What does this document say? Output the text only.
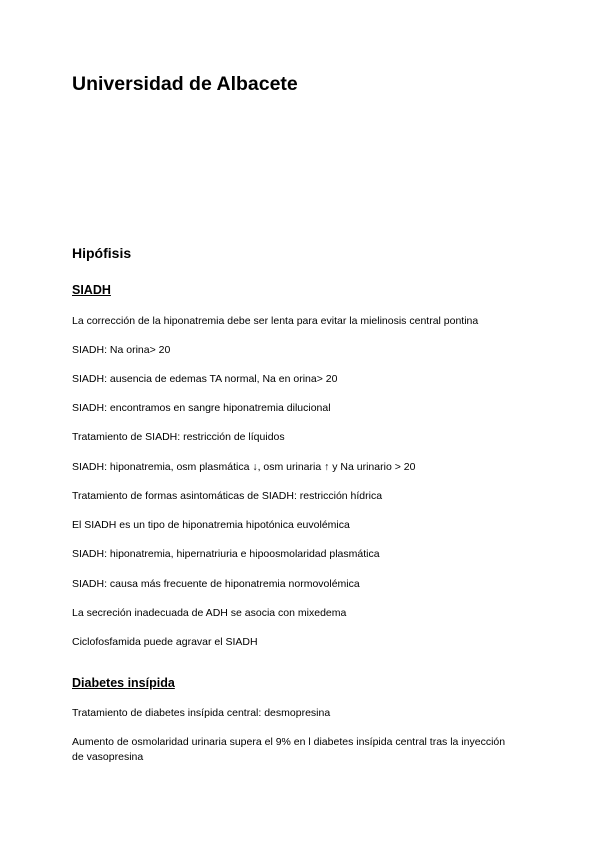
Universidad de Albacete
Hipófisis
SIADH

La corrección de la hiponatremia debe ser lenta para evitar la mielinosis central pontina

SIADH: Na orina> 20

SIADH: ausencia de edemas TA normal, Na en orina> 20

SIADH: encontramos en sangre hiponatremia dilucional

Tratamiento de SIADH: restricción de líquidos

SIADH: hiponatremia, osm plasmática ↓, osm urinaria ↑ y Na urinario > 20

Tratamiento de formas asintomáticas de SIADH: restricción hídrica

El SIADH es un tipo de hiponatremia hipotónica euvolémica

SIADH: hiponatremia, hipernatriuria e hipoosmolaridad plasmática

SIADH: causa más frecuente de hiponatremia normovolémica

La secreción inadecuada de ADH se asocia con mixedema

Ciclofosfamida puede agravar el SIADH

Diabetes insípida

Tratamiento de diabetes insípida central: desmopresina

Aumento de osmolaridad urinaria supera el 9% en l diabetes insípida central tras la inyección de vasopresina
